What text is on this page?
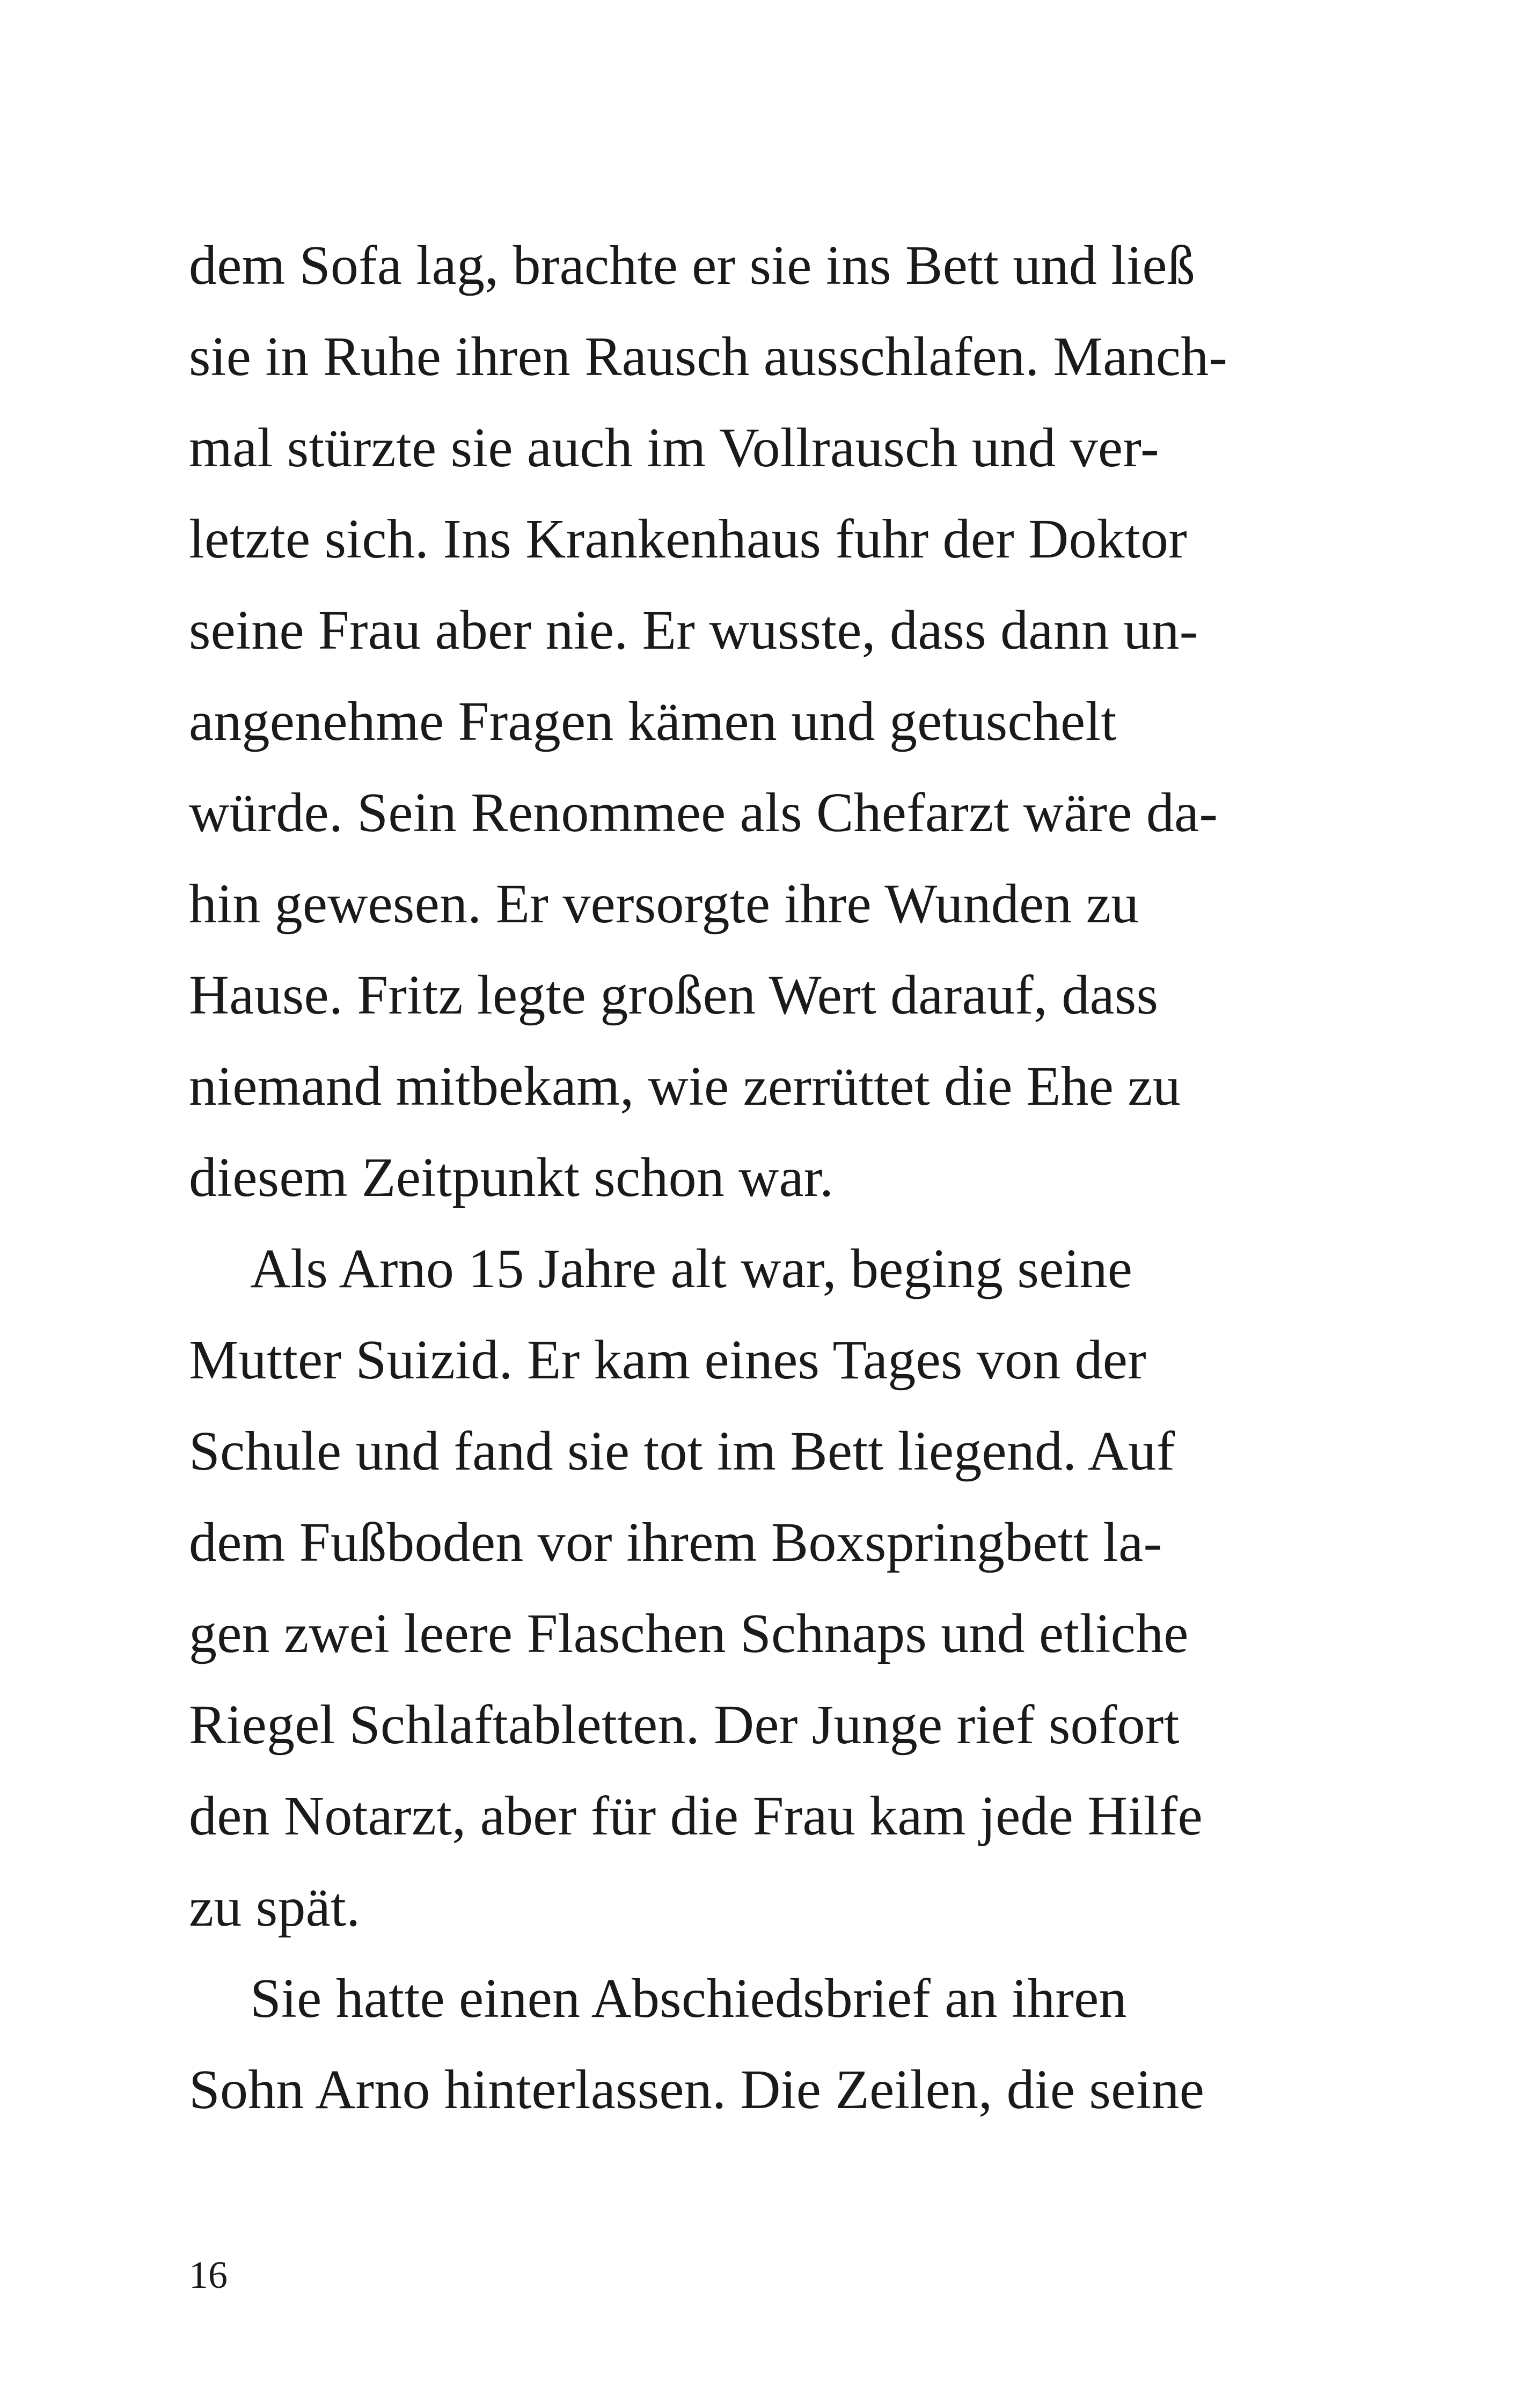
dem Sofa lag, brachte er sie ins Bett und ließ
sie in Ruhe ihren Rausch ausschlafen. Manch-
mal stürzte sie auch im Vollrausch und ver-
letzte sich. Ins Krankenhaus fuhr der Doktor
seine Frau aber nie. Er wusste, dass dann un-
angenehme Fragen kämen und getuschelt
würde. Sein Renommee als Chefarzt wäre da-
hin gewesen. Er versorgte ihre Wunden zu
Hause. Fritz legte großen Wert darauf, dass
niemand mitbekam, wie zerrüttet die Ehe zu
diesem Zeitpunkt schon war.
Als Arno 15 Jahre alt war, beging seine
Mutter Suizid. Er kam eines Tages von der
Schule und fand sie tot im Bett liegend. Auf
dem Fußboden vor ihrem Boxspringbett la-
gen zwei leere Flaschen Schnaps und etliche
Riegel Schlaftabletten. Der Junge rief sofort
den Notarzt, aber für die Frau kam jede Hilfe
zu spät.
Sie hatte einen Abschiedsbrief an ihren
Sohn Arno hinterlassen. Die Zeilen, die seine
16
